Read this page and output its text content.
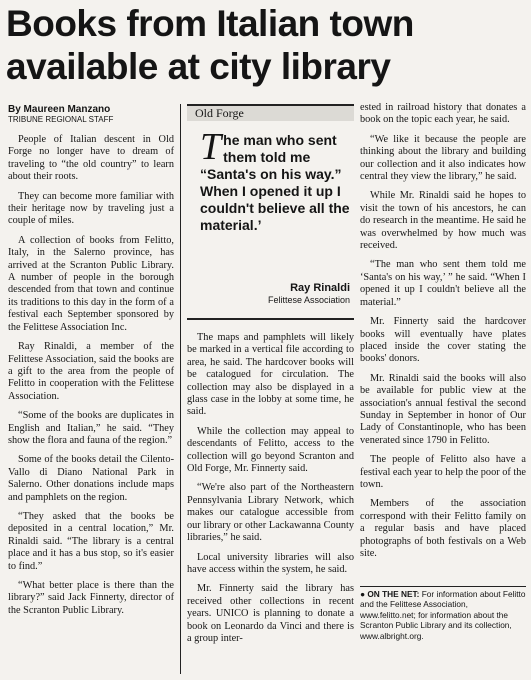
Books from Italian town available at city library
By Maureen Manzano
TRIBUNE REGIONAL STAFF

People of Italian descent in Old Forge no longer have to dream of traveling to “the old country” to learn about their roots.

They can become more familiar with their heritage now by traveling just a couple of miles.

A collection of books from Felitto, Italy, in the Salerno province, has arrived at the Scranton Public Library. A number of people in the borough descended from that town and continue its traditions to this day in the form of a festival each September sponsored by the Felittese Association Inc.

Ray Rinaldi, a member of the Felittese Association, said the books are a gift to the area from the people of Felitto in cooperation with the Felittese Association.

“Some of the books are duplicates in English and Italian,” he said. “They show the flora and fauna of the region.”

Some of the books detail the Cilento-Vallo di Diano National Park in Salerno. Other donations include maps and pamphlets on the region.

“They asked that the books be deposited in a central location,” Mr. Rinaldi said. “The library is a central place and it has a bus stop, so it's easier to find.”

“What better place is there than the library?” said Jack Finnerty, director of the Scranton Public Library.

Old Forge
The man who sent them told me “Santa's on his way.” When I opened it up I couldn't believe all the material.’
Ray Rinaldi
Felittese Association

The maps and pamphlets will likely be marked in a vertical file according to area, he said. The hardcover books will be catalogued for circulation. The collection may also be displayed in a glass case in the lobby at some time, he said.

While the collection may appeal to descendants of Felitto, access to the collection will go beyond Scranton and Old Forge, Mr. Finnerty said.

“We're also part of the Northeastern Pennsylvania Library Network, which makes our catalogue accessible from our library or other Lackawanna County libraries,” he said.

Local university libraries will also have access within the system, he said.

Mr. Finnerty said the library has received other collections in recent years. UNICO is planning to donate a book on Leonardo da Vinci and there is a group inter-

ested in railroad history that donates a book on the topic each year, he said.

“We like it because the people are thinking about the library and building our collection and it also indicates how central they view the library,” he said.

While Mr. Rinaldi said he hopes to visit the town of his ancestors, he can do research in the meantime. He said he was overwhelmed by how much was received.

“The man who sent them told me ‘Santa's on his way,’ ” he said. “When I opened it up I couldn't believe all the material.”

Mr. Finnerty said the hardcover books will eventually have plates placed inside the cover stating the books' donors.

Mr. Rinaldi said the books will also be available for public view at the association's annual festival the second Sunday in September in honor of Our Lady of Constantinople, who has been venerated since 1790 in Felitto.

The people of Felitto also have a festival each year to help the poor of the town.

Members of the association correspond with their Felitto family on a regular basis and have placed photographs of both festivals on a Web site.

● ON THE NET: For information about Felitto and the Felittese Association, www.felitto.net; for information about the Scranton Public Library and its collection, www.albright.org.
